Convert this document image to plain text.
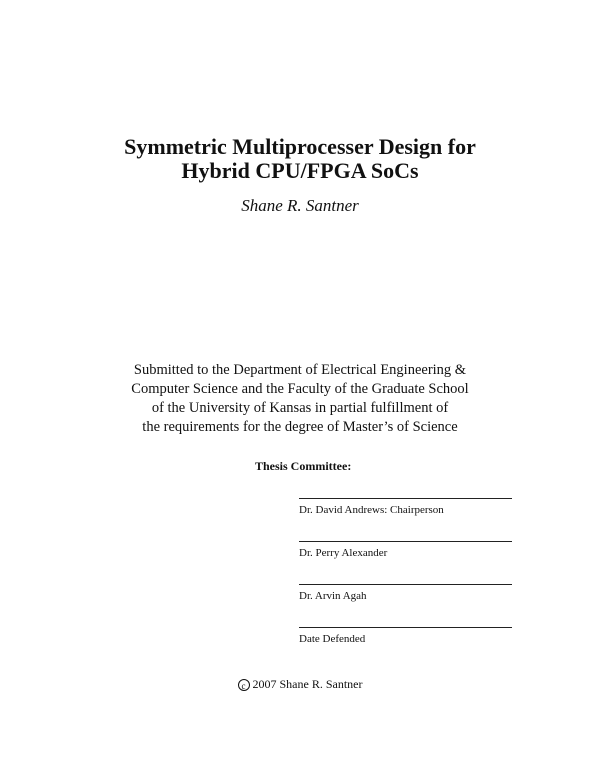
Symmetric Multiprocesser Design for
Hybrid CPU/FPGA SoCs
Shane R. Santner
Submitted to the Department of Electrical Engineering &
Computer Science and the Faculty of the Graduate School
of the University of Kansas in partial fulfillment of
the requirements for the degree of Master’s of Science
Thesis Committee:
Dr. David Andrews: Chairperson
Dr. Perry Alexander
Dr. Arvin Agah
Date Defended
c 2007 Shane R. Santner
